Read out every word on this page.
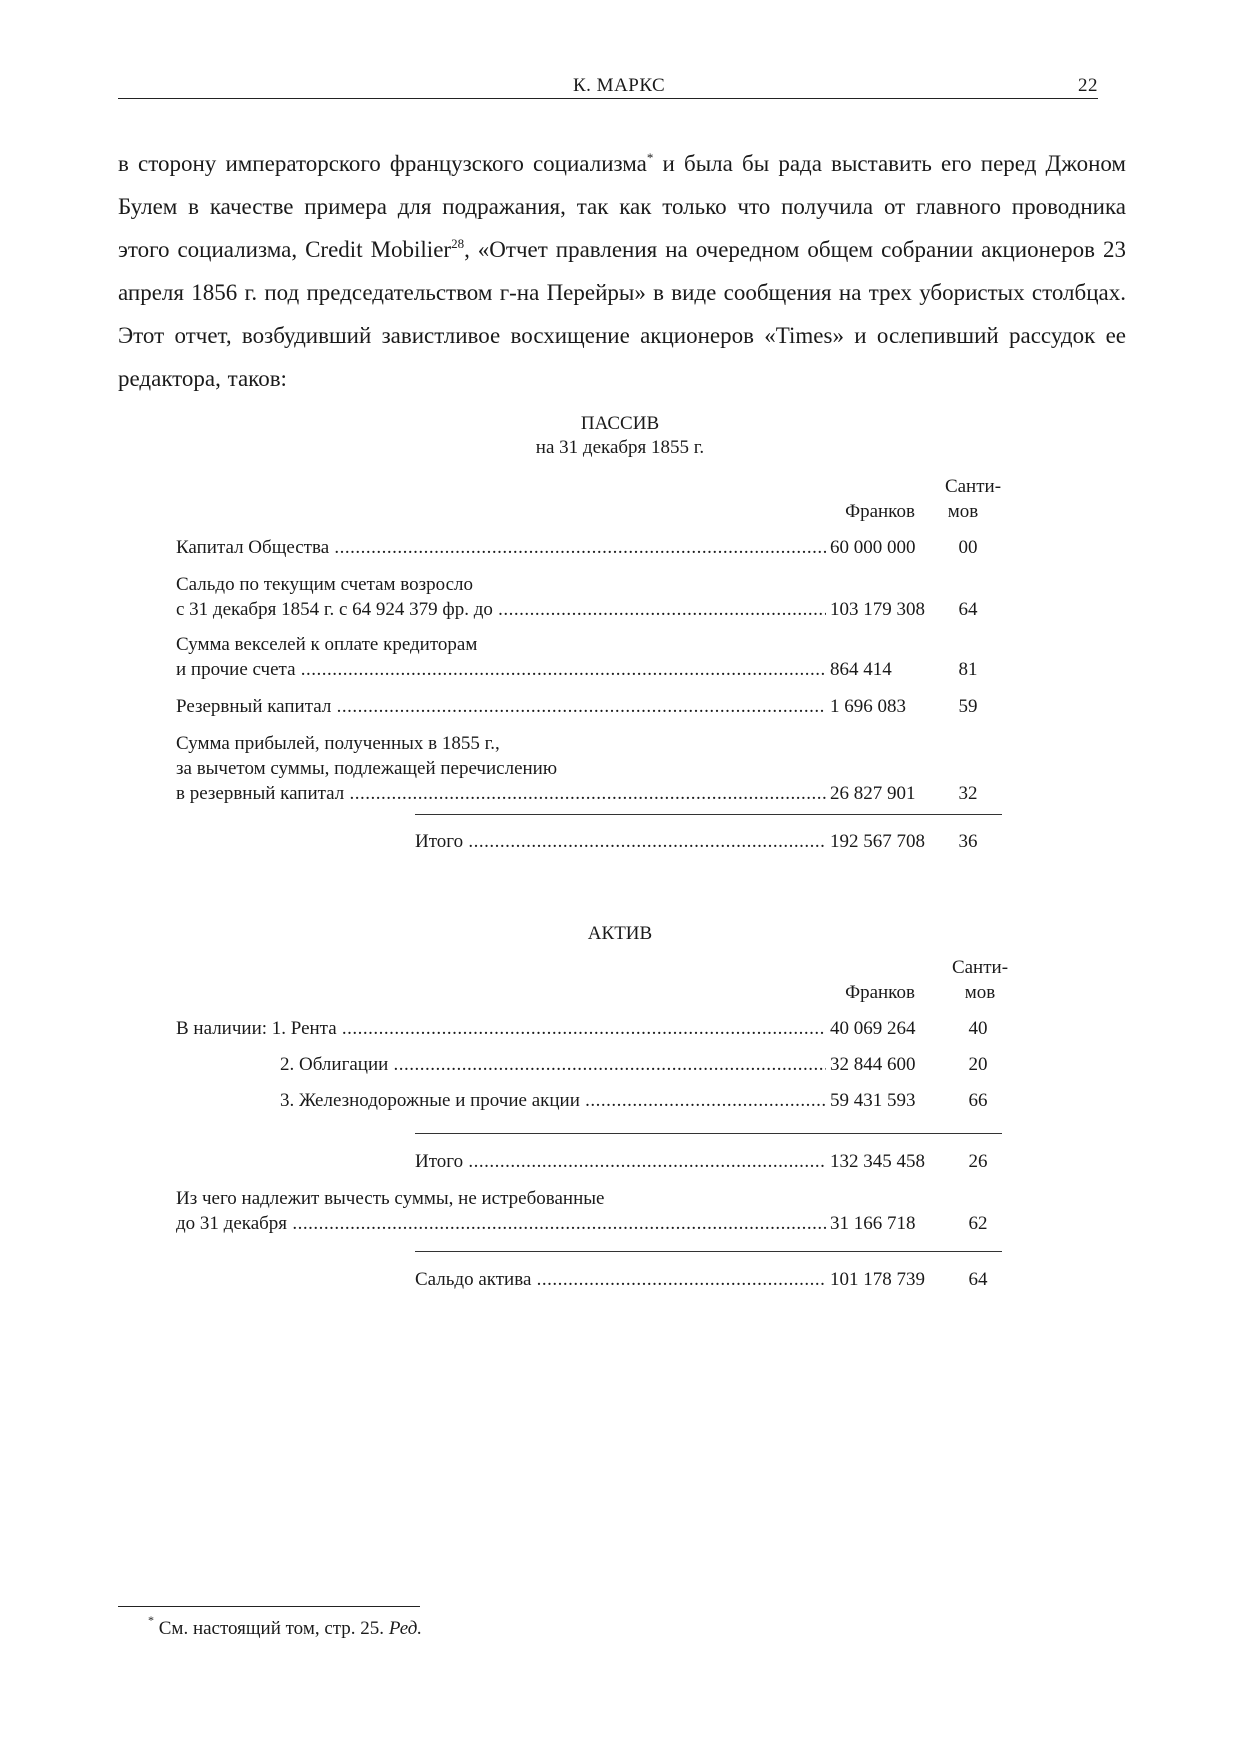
К. МАРКС	22

в сторону императорского французского социализма* и была бы рада выставить его перед Джоном Булем в качестве примера для подражания, так как только что получила от главного проводника этого социализма, Credit Mobilier$^{28}$, «Отчет правления на очередном общем собрании акционеров 23 апреля 1856 г. под председательством г-на Перейры» в виде сообщения на трех убористых столбцах. Этот отчет, возбудивший завистливое восхищение акционеров «Times» и ослепивший рассудок ее редактора, таков:

ПАССИВ
на 31 декабря 1855 г.
Санти-
Франков	мов
Капитал Общества .....	60 000 000	00
Сальдо по текущим счетам возросло
с 31 декабря 1854 г. с 64 924 379 фр. до .....	103 179 308	64
Сумма векселей к оплате кредиторам
и прочие счета .....	864 414	81
Резервный капитал .....	1 696 083	59
Сумма прибылей, полученных в 1855 г.,
за вычетом суммы, подлежащей перечислению
в резервный капитал .....	26 827 901	32
Итого .....	192 567 708	36
АКТИВ
Санти-
Франков	мов
В наличии: 1. Рента .....	40 069 264	40
2. Облигации .....	32 844 600	20
3. Железнодорожные и прочие акции .....	59 431 593	66
Итого .....	132 345 458	26
Из чего надлежит вычесть суммы, не истребованные
до 31 декабря .....	31 166 718	62
Сальдо актива .....	101 178 739	64
* См. настоящий том, стр. 25. Ред.
